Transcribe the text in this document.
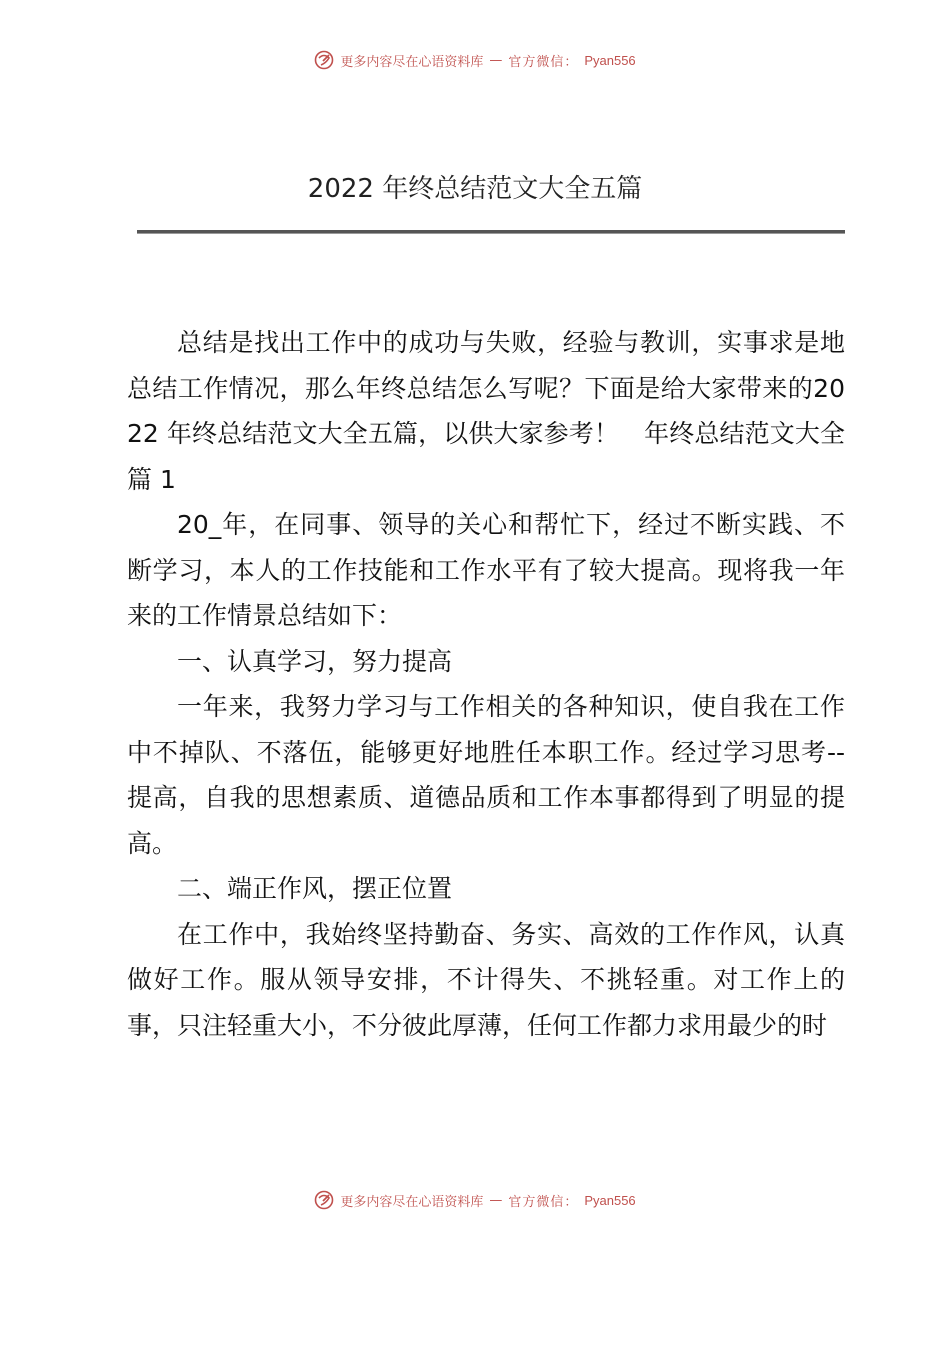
更多内容尽在心语资料库 — 官方微信： Pyan556
2022 年终总结范文大全五篇

总结是找出工作中的成功与失败，经验与教训，实事求是地总结工作情况，那么年终总结怎么写呢？下面是给大家带来的2022 年终总结范文大全五篇，以供大家参考！　年终总结范文大全篇 1

20_年，在同事、领导的关心和帮忙下，经过不断实践、不断学习，本人的工作技能和工作水平有了较大提高。现将我一年来的工作情景总结如下：

一、认真学习，努力提高

一年来，我努力学习与工作相关的各种知识，使自我在工作中不掉队、不落伍，能够更好地胜任本职工作。经过学习思考--提高，自我的思想素质、道德品质和工作本事都得到了明显的提高。

二、端正作风，摆正位置

在工作中，我始终坚持勤奋、务实、高效的工作作风，认真做好工作。服从领导安排，不计得失、不挑轻重。对工作上的事，只注轻重大小，不分彼此厚薄，任何工作都力求用最少的时

更多内容尽在心语资料库 — 官方微信： Pyan556
